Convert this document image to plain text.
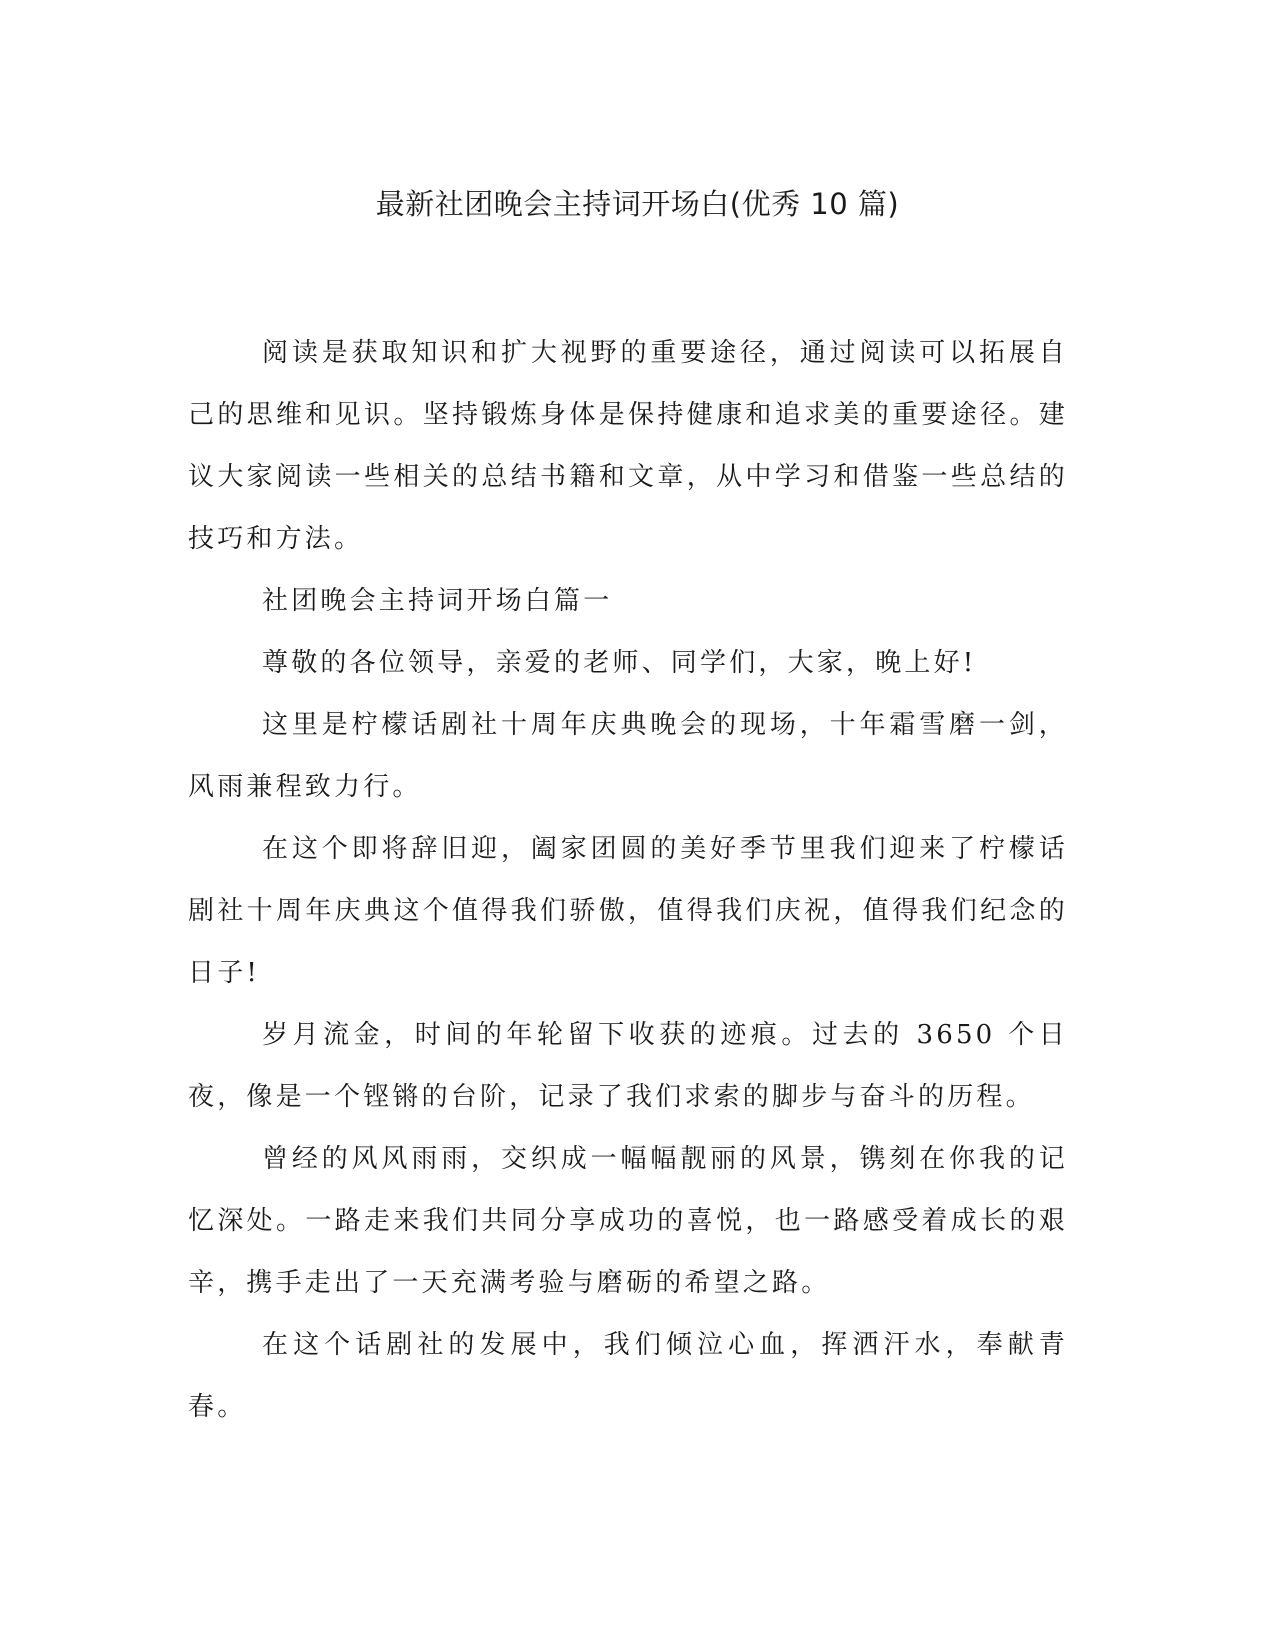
最新社团晚会主持词开场白(优秀 10 篇)

阅读是获取知识和扩大视野的重要途径，通过阅读可以拓展自己的思维和见识。坚持锻炼身体是保持健康和追求美的重要途径。建议大家阅读一些相关的总结书籍和文章，从中学习和借鉴一些总结的技巧和方法。

社团晚会主持词开场白篇一

尊敬的各位领导，亲爱的老师、同学们，大家，晚上好!

这里是柠檬话剧社十周年庆典晚会的现场，十年霜雪磨一剑，风雨兼程致力行。

在这个即将辞旧迎，阖家团圆的美好季节里我们迎来了柠檬话剧社十周年庆典这个值得我们骄傲，值得我们庆祝，值得我们纪念的日子!

岁月流金，时间的年轮留下收获的迹痕。过去的 3650 个日夜，像是一个铿锵的台阶，记录了我们求索的脚步与奋斗的历程。

曾经的风风雨雨，交织成一幅幅靓丽的风景，镌刻在你我的记忆深处。一路走来我们共同分享成功的喜悦，也一路感受着成长的艰辛，携手走出了一天充满考验与磨砺的希望之路。

在这个话剧社的发展中，我们倾泣心血，挥洒汗水，奉献青春。
